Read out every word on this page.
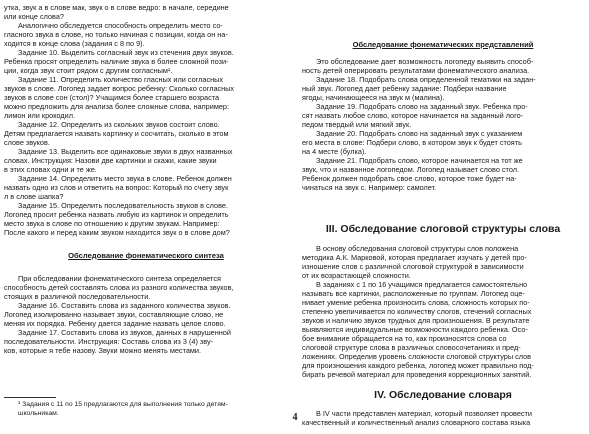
утка, звук а в слове мак, звук о в слове ведро: в начале, середине
или конце слова?
Аналогично обследуется способность определить место со-
гласного звука в слове, но только начиная с позиции, когда он на-
ходится в конце слова (задания с 8 по 9).
Задание 10. Выделить согласный звук из стечения двух звуков.
Ребенка просят определить наличие звука в более сложной пози-
ции, когда звук стоит рядом с другим согласным¹.
Задание 11. Определить количество гласных или согласных
звуков в слове. Логопед задает вопрос ребенку: Сколько согласных
звуков в слове сон (стол)? Учащимся более старшего возраста
можно предложить для анализа более сложные слова, например:
лимон или крокодил.
Задание 12. Определить из скольких звуков состоит слово.
Детям предлагается назвать картинку и сосчитать, сколько в этом
слове звуков.
Задание 13. Выделить все одинаковые звуки в двух названных
словах. Инструкция: Назови две картинки и скажи, какие звуки
в этих словах одни и те же.
Задание 14. Определить место звука в слове. Ребенок должен
назвать одно из слов и ответить на вопрос: Который по счету звук
л в слове шапка?
Задание 15. Определить последовательность звуков в слове.
Логопед просит ребенка назвать любую из картинок и определить
место звука в слове по отношению к другим звукам. Например:
После какого и перед каким звуком находится звук о в слове дом?
Обследование фонематического синтеза
При обследовании фонематического синтеза определяется
способность детей составлять слова из разного количества звуков,
стоящих в различной последовательности.
Задание 16. Составить слова из заданного количества звуков.
Логопед изолированно называет звуки, составляющие слово, не
меняя их порядка. Ребенку дается задание назвать целое слово.
Задание 17. Составить слова из звуков, данных в нарушенной
последовательности. Инструкция: Составь слова из 3 (4) зву-
ков, которые я тебе назову. Звуки можно менять местами.
¹ Задания с 11 по 15 предлагаются для выполнения только детям-
школьникам.
Обследование фонематических представлений
Это обследование дает возможность логопеду выявить способ-
ность детей оперировать результатами фонематического анализа.
Задание 18. Подобрать слова определенной тематики на задан-
ный звук. Логопед дает ребенку задание: Подбери название
ягоды, начинающееся на звук м (малина).
Задание 19. Подобрать слово на заданный звук. Ребенка про-
сят назвать любое слово, которое начинается на заданный лого-
педом твердый или мягкий звук.
Задание 20. Подобрать слово на заданный звук с указанием
его места в слове: Подбери слово, в котором звук к будет стоять
на 4 месте (булка).
Задание 21. Подобрать слово, которое начинается на тот же
звук, что и названное логопедом. Логопед называет слово стол.
Ребенок должен подобрать свое слово, которое тоже будет на-
чинаться на звук с. Например: самолет.
III. Обследование слоговой структуры слова
В основу обследования слоговой структуры слов положена
методика А.К. Марковой, которая предлагает изучать у детей про-
изношение слов с различной слоговой структурой в зависимости
от их возрастающей сложности.
В заданиях с 1 по 16 учащимся предлагается самостоятельно
называть все картинки, расположенные по группам. Логопед оце-
нивает умение ребенка произносить слова, сложность которых по-
степенно увеличивается по количеству слогов, стечений согласных
звуков и наличию звуков трудных для произношения. В результате
выявляются индивидуальные возможности каждого ребенка. Осо-
бое внимание обращается на то, как произносятся слова со
слоговой структуре слова в различных словосочетаниях и пред-
ложениях. Определив уровень сложности слоговой структуры слов
для произношения каждого ребенка, логопед может правильно под-
бирать речевой материал для проведения коррекционных занятий.
IV. Обследование словаря
В IV части представлен материал, который позволяет провести
качественный и количественный анализ словарного состава языка
4
